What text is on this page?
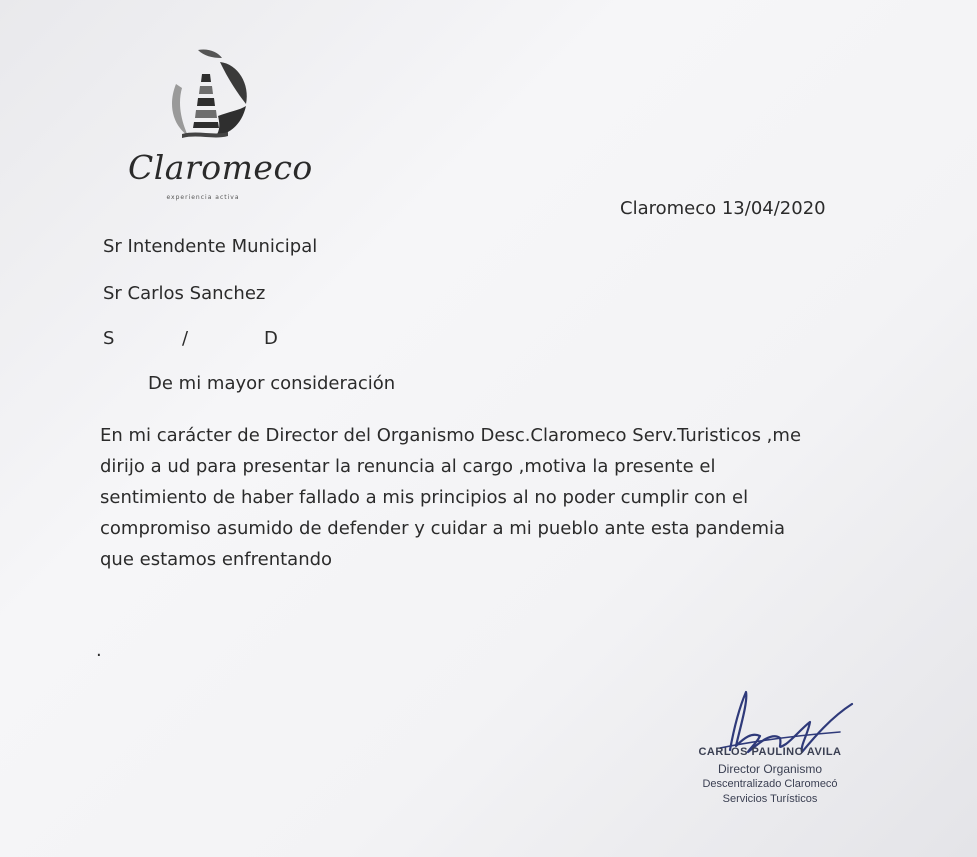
Claromeco
experiencia activa
Claromeco 13/04/2020
Sr Intendente Municipal
Sr Carlos Sanchez
S	/	D
De mi mayor consideración
En mi carácter de Director del Organismo Desc.Claromeco Serv.Turisticos ,me
dirijo a ud para presentar la renuncia al cargo ,motiva la presente el
sentimiento de haber fallado a mis principios al no poder cumplir con el
compromiso asumido de defender y cuidar a mi pueblo ante esta pandemia
que estamos enfrentando
.
CARLOS PAULINO AVILA
Director Organismo
Descentralizado Claromecó
Servicios Turísticos
